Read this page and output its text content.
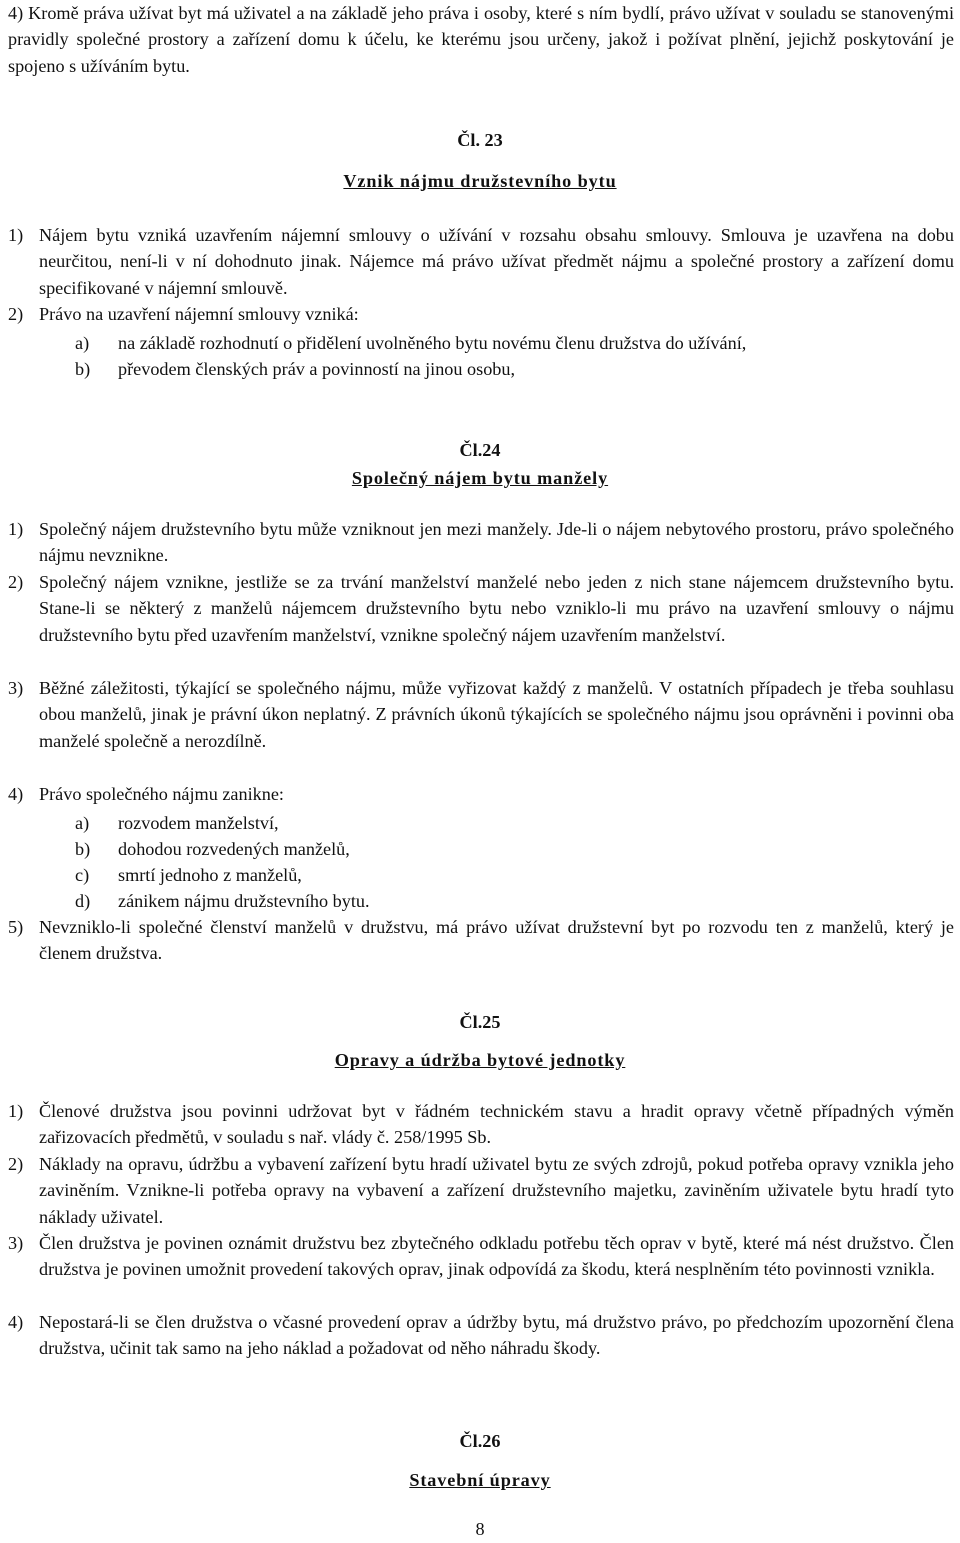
4) Kromě práva užívat byt má uživatel a na základě jeho práva i osoby, které s ním bydlí, právo užívat v souladu se stanovenými pravidly společné prostory a zařízení domu k účelu, ke kterému jsou určeny, jakož i požívat plnění, jejichž poskytování je spojeno s užíváním bytu.

Čl. 23

Vznik nájmu družstevního bytu

1) Nájem bytu vzniká uzavřením nájemní smlouvy o užívání v rozsahu obsahu smlouvy. Smlouva je uzavřena na dobu neurčitou, není-li v ní dohodnuto jinak. Nájemce má právo užívat předmět nájmu a společné prostory a zařízení domu specifikované v nájemní smlouvě.
2) Právo na uzavření nájemní smlouvy vzniká:
a) na základě rozhodnutí o přidělení uvolněného bytu novému členu družstva do užívání,
b) převodem členských práv a povinností na jinou osobu,

Čl.24

Společný nájem bytu manžely

1) Společný nájem družstevního bytu může vzniknout jen mezi manžely. Jde-li o nájem nebytového prostoru, právo společného nájmu nevznikne.
2) Společný nájem vznikne, jestliže se za trvání manželství manželé nebo jeden z nich stane nájemcem družstevního bytu. Stane-li se některý z manželů nájemcem družstevního bytu nebo vzniklo-li mu právo na uzavření smlouvy o nájmu družstevního bytu před uzavřením manželství, vznikne společný nájem uzavřením manželství.
3) Běžné záležitosti, týkající se společného nájmu, může vyřizovat každý z manželů. V ostatních případech je třeba souhlasu obou manželů, jinak je právní úkon neplatný. Z právních úkonů týkajících se společného nájmu jsou oprávněni i povinni oba manželé společně a nerozdílně.
4) Právo společného nájmu zanikne:
a) rozvodem manželství,
b) dohodou rozvedených manželů,
c) smrtí jednoho z manželů,
d) zánikem nájmu družstevního bytu.
5) Nevzniklo-li společné členství manželů v družstvu, má právo užívat družstevní byt po rozvodu ten z manželů, který je členem družstva.

Čl.25

Opravy a údržba bytové jednotky

1) Členové družstva jsou povinni udržovat byt v řádném technickém stavu a hradit opravy včetně případných výměn zařizovacích předmětů, v souladu s nař. vlády č. 258/1995 Sb.
2) Náklady na opravu, údržbu a vybavení zařízení bytu hradí uživatel bytu ze svých zdrojů, pokud potřeba opravy vznikla jeho zaviněním. Vznikne-li potřeba opravy na vybavení a zařízení družstevního majetku, zaviněním uživatele bytu hradí tyto náklady uživatel.
3) Člen družstva je povinen oznámit družstvu bez zbytečného odkladu potřebu těch oprav v bytě, které má nést družstvo. Člen družstva je povinen umožnit provedení takových oprav, jinak odpovídá za škodu, která nesplněním této povinnosti vznikla.
4) Nepostará-li se člen družstva o včasné provedení oprav a údržby bytu, má družstvo právo, po předchozím upozornění člena družstva, učinit tak samo na jeho náklad a požadovat od něho náhradu škody.

Čl.26

Stavební úpravy

8
